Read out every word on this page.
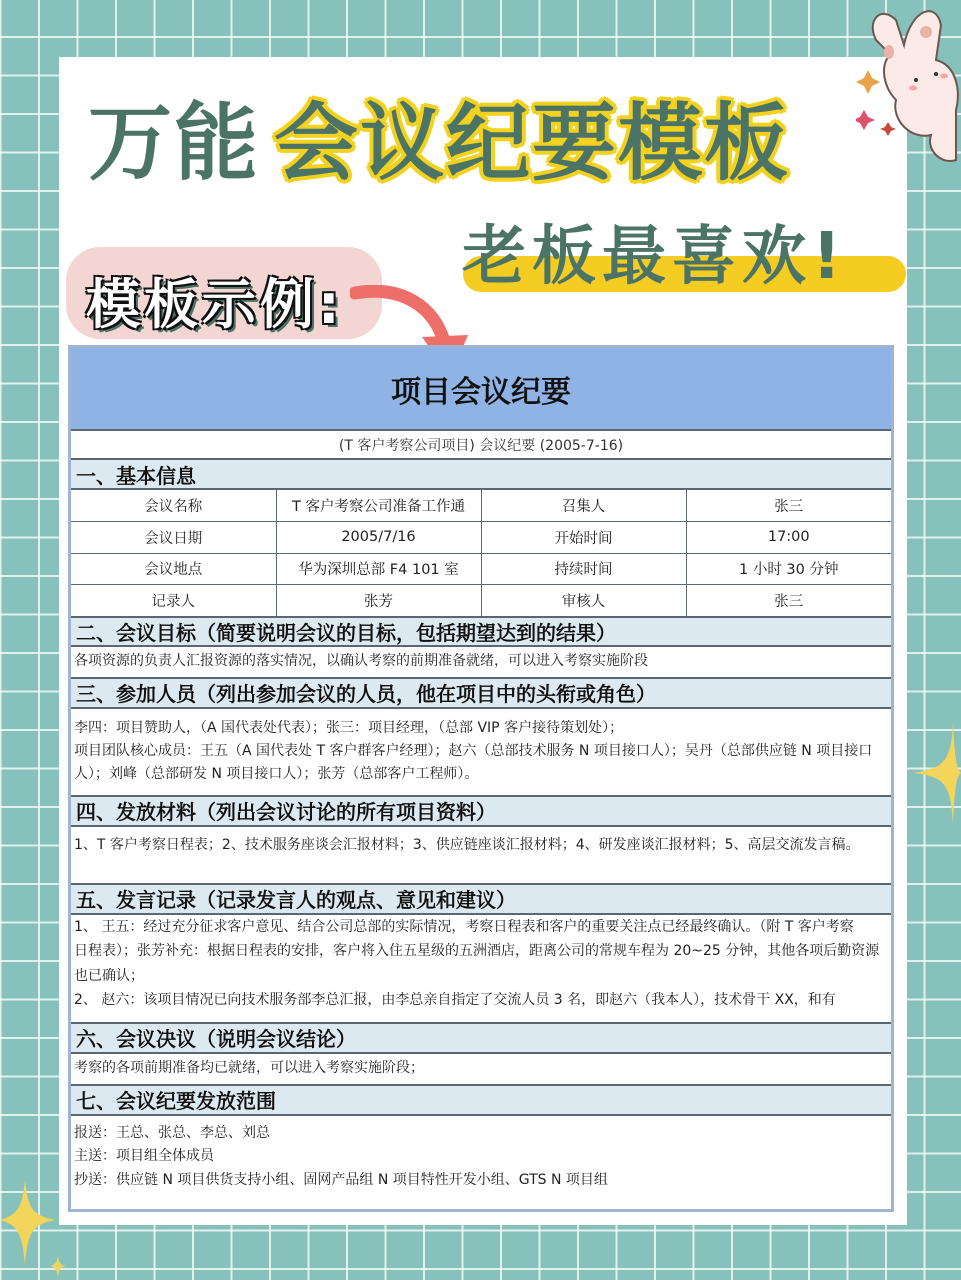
万能 会议纪要模板
老板最喜欢!
模板示例:
项目会议纪要
(T 客户考察公司项目) 会议纪要 (2005-7-16)
一、基本信息
会议名称	T 客户考察公司准备工作通	召集人	张三
会议日期	2005/7/16	开始时间	17:00
会议地点	华为深圳总部 F4 101 室	持续时间	1 小时 30 分钟
记录人	张芳	审核人	张三
二、会议目标（简要说明会议的目标，包括期望达到的结果）
各项资源的负责人汇报资源的落实情况，以确认考察的前期准备就绪，可以进入考察实施阶段
三、参加人员（列出参加会议的人员，他在项目中的头衔或角色）

李四：项目赞助人，（A 国代表处代表）；张三：项目经理，（总部 VIP 客户接待策划处）；

项目团队核心成员：王五（A 国代表处 T 客户群客户经理）；赵六（总部技术服务 N 项目接口人）；吴丹（总部供应链 N 项目接口人）；刘峰（总部研发 N 项目接口人）；张芳（总部客户工程师）。

四、发放材料（列出会议讨论的所有项目资料）
1、T 客户考察日程表；2、技术服务座谈会汇报材料；3、供应链座谈汇报材料；4、研发座谈汇报材料；5、高层交流发言稿。
五、发言记录（记录发言人的观点、意见和建议）

1、 王五：经过充分征求客户意见、结合公司总部的实际情况，考察日程表和客户的重要关注点已经最终确认。（附 T 客户考察

日程表）；张芳补充：根据日程表的安排，客户将入住五星级的五洲酒店，距离公司的常规车程为 20~25 分钟，其他各项后勤资源也已确认；

2、 赵六：该项目情况已向技术服务部李总汇报，由李总亲自指定了交流人员 3 名，即赵六（我本人），技术骨干 XX，和有

六、会议决议（说明会议结论）
考察的各项前期准备均已就绪，可以进入考察实施阶段；
七、会议纪要发放范围

报送：王总、张总、李总、刘总

主送：项目组全体成员

抄送：供应链 N 项目供货支持小组、固网产品组 N 项目特性开发小组、GTS N 项目组
